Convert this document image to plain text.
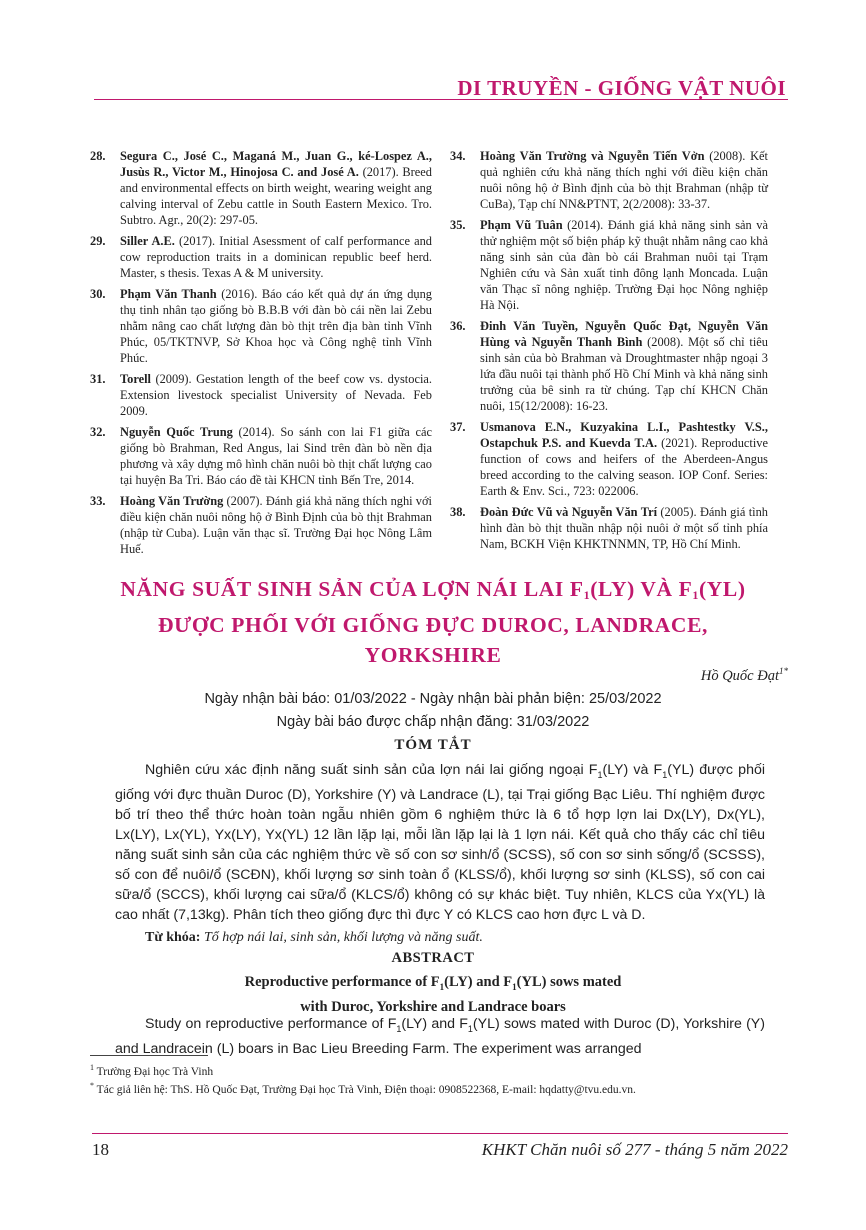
DI TRUYỀN - GIỐNG VẬT NUÔI
28.	Segura C., José C., Maganá M., Juan G., ké-Lospez A., Jusùs R., Victor M., Hinojosa C. and José A. (2017). Breed and environmental effects on birth weight, wearing weight ang calving interval of Zebu cattle in South Eastern Mexico. Tro. Subtro. Agr., 20(2): 297-05.
29.	Siller A.E. (2017). Initial Asessment of calf performance and cow reproduction traits in a dominican republic beef herd. Master, s thesis. Texas A & M university.
30.	Phạm Văn Thanh (2016). Báo cáo kết quả dự án ứng dụng thụ tinh nhân tạo giống bò B.B.B với đàn bò cái nền lai Zebu nhằm nâng cao chất lượng đàn bò thịt trên địa bàn tỉnh Vĩnh Phúc, 05/TKTNVP, Sở Khoa học và Công nghệ tỉnh Vĩnh Phúc.
31.	Torell (2009). Gestation length of the beef cow vs. dystocia. Extension livestock specialist University of Nevada. Feb 2009.
32.	Nguyễn Quốc Trung (2014). So sánh con lai F1 giữa các giống bò Brahman, Red Angus, lai Sind trên đàn bò nền địa phương và xây dựng mô hình chăn nuôi bò thịt chất lượng cao tại huyện Ba Tri. Báo cáo đề tài KHCN tỉnh Bến Tre, 2014.
33.	Hoàng Văn Trường (2007). Đánh giá khả năng thích nghi với điều kiện chăn nuôi nông hộ ở Bình Định của bò thịt Brahman (nhập từ Cuba). Luận văn thạc sĩ. Trường Đại học Nông Lâm Huế.
34.	Hoàng Văn Trường và Nguyễn Tiến Vởn (2008). Kết quả nghiên cứu khả năng thích nghi với điều kiện chăn nuôi nông hộ ở Bình định của bò thịt Brahman (nhập từ CuBa), Tạp chí NN&PTNT, 2(2/2008): 33-37.
35.	Phạm Vũ Tuân (2014). Đánh giá khả năng sinh sản và thử nghiệm một số biện pháp kỹ thuật nhằm nâng cao khả năng sinh sản của đàn bò cái Brahman nuôi tại Trạm Nghiên cứu và Sản xuất tinh đông lạnh Moncada. Luận văn Thạc sĩ nông nghiệp. Trường Đại học Nông nghiệp Hà Nội.
36.	Đinh Văn Tuyền, Nguyễn Quốc Đạt, Nguyễn Văn Hùng và Nguyễn Thanh Bình (2008). Một số chỉ tiêu sinh sản của bò Brahman và Droughtmaster nhập ngoại 3 lứa đầu nuôi tại thành phố Hồ Chí Minh và khả năng sinh trưởng của bê sinh ra từ chúng. Tạp chí KHCN Chăn nuôi, 15(12/2008): 16-23.
37.	Usmanova E.N., Kuzyakina L.I., Pashtestky V.S., Ostapchuk P.S. and Kuevda T.A. (2021). Reproductive function of cows and heifers of the Aberdeen-Angus breed according to the calving season. IOP Conf. Series: Earth & Env. Sci., 723: 022006.
38.	Đoàn Đức Vũ và Nguyễn Văn Trí (2005). Đánh giá tình hình đàn bò thịt thuần nhập nội nuôi ở một số tỉnh phía Nam, BCKH Viện KHKTNNMN, TP, Hồ Chí Minh.
NĂNG SUẤT SINH SẢN CỦA LỢN NÁI LAI $F_1(LY)$ VÀ $F_1(YL)$
ĐƯỢC PHỐI VỚI GIỐNG ĐỰC DUROC, LANDRACE,
YORKSHIRE
Hồ Quốc Đạt$^{1*}$
Ngày nhận bài báo: 01/03/2022 - Ngày nhận bài phản biện: 25/03/2022
Ngày bài báo được chấp nhận đăng: 31/03/2022
TÓM TẮT
Nghiên cứu xác định năng suất sinh sản của lợn nái lai giống ngoại $F_1(LY)$ và $F_1(YL)$ được phối giống với đực thuần Duroc (D), Yorkshire (Y) và Landrace (L), tại Trại giống Bạc Liêu. Thí nghiệm được bố trí theo thể thức hoàn toàn ngẫu nhiên gồm 6 nghiệm thức là 6 tổ hợp lợn lai Dx(LY), Dx(YL), Lx(LY), Lx(YL), Yx(LY), Yx(YL) 12 lần lặp lại, mỗi lần lặp lại là 1 lợn nái. Kết quả cho thấy các chỉ tiêu năng suất sinh sản của các nghiệm thức về số con sơ sinh/ổ (SCSS), số con sơ sinh sống/ổ (SCSSS), số con để nuôi/ổ (SCĐN), khối lượng sơ sinh toàn ổ (KLSS/ổ), khối lượng sơ sinh (KLSS), số con cai sữa/ổ (SCCS), khối lượng cai sữa/ổ (KLCS/ổ) không có sự khác biệt. Tuy nhiên, KLCS của Yx(YL) là cao nhất (7,13kg). Phân tích theo giống đực thì đực Y có KLCS cao hơn đực L và D.
Từ khóa: Tổ hợp nái lai, sinh sản, khối lượng và năng suất.
ABSTRACT
Reproductive performance of $F_1(LY)$ and $F_1(YL)$ sows mated
with Duroc, Yorkshire and Landrace boars
Study on reproductive performance of $F_1(LY)$ and $F_1(YL)$ sows mated with Duroc (D), Yorkshire (Y) and Landracein (L) boars in Bac Lieu Breeding Farm. The experiment was arranged
$^1$ Trường Đại học Trà Vinh
* Tác giả liên hệ: ThS. Hồ Quốc Đạt, Trường Đại học Trà Vinh, Điện thoại: 0908522368, E-mail: hqdatty@tvu.edu.vn.
18	KHKT Chăn nuôi số 277 - tháng 5 năm 2022
